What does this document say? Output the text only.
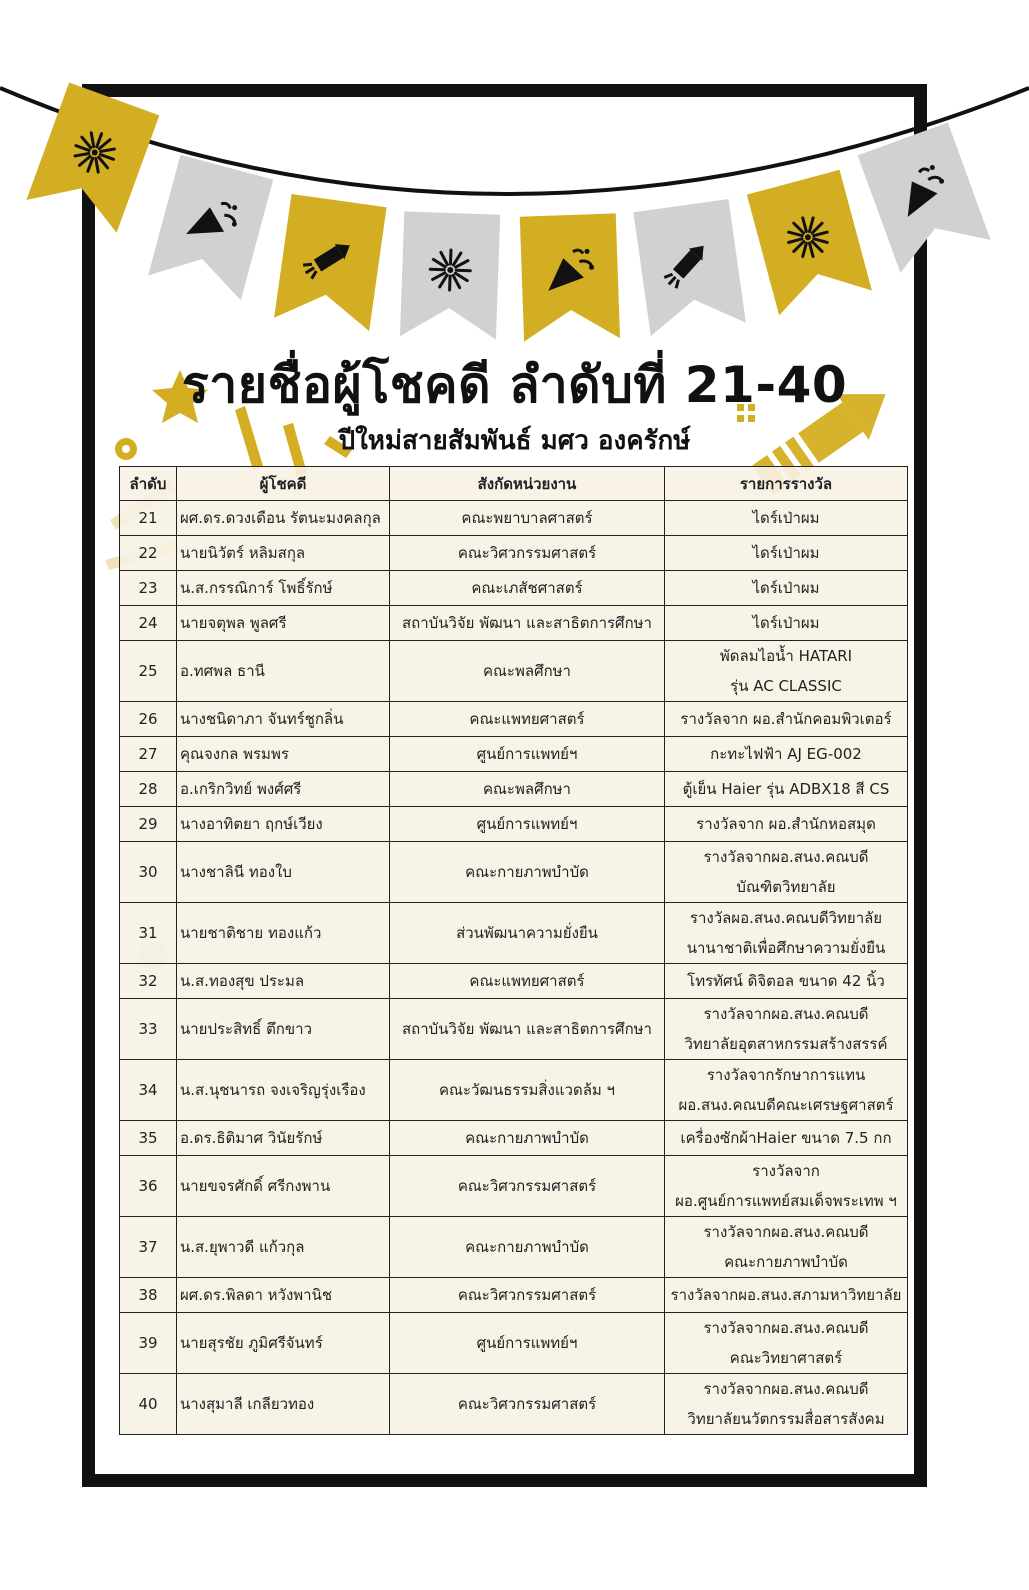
รายชื่อผู้โชคดี ลำดับที่ 21-40
ปีใหม่สายสัมพันธ์ มศว องครักษ์
ลำดับ	ผู้โชคดี	สังกัดหน่วยงาน	รายการรางวัล
21	ผศ.ดร.ดวงเดือน รัตนะมงคลกุล	คณะพยาบาลศาสตร์	ไดร์เป่าผม

22	นายนิวัตร์ หลิมสกุล	คณะวิศวกรรมศาสตร์	ไดร์เป่าผม

23	น.ส.กรรณิการ์ โพธิ์รักษ์	คณะเภสัชศาสตร์	ไดร์เป่าผม

24	นายจตุพล พูลศรี	สถาบันวิจัย พัฒนา และสาธิตการศึกษา	ไดร์เป่าผม

25	อ.ทศพล ธานี	คณะพลศึกษา	พัดลมไอน้ำ HATARI
รุ่น AC CLASSIC

26	นางชนิดาภา จันทร์ชูกลิ่น	คณะแพทยศาสตร์	รางวัลจาก ผอ.สำนักคอมพิวเตอร์

27	คุณจงกล พรมพร	ศูนย์การแพทย์ฯ	กะทะไฟฟ้า AJ EG-002

28	อ.เกริกวิทย์ พงศ์ศรี	คณะพลศึกษา	ตู้เย็น Haier รุ่น ADBX18 สี CS

29	นางอาทิตยา ฤกษ์เวียง	ศูนย์การแพทย์ฯ	รางวัลจาก ผอ.สำนักหอสมุด

30	นางชาลินี ทองใบ	คณะกายภาพบำบัด	รางวัลจากผอ.สนง.คณบดี
บัณฑิตวิทยาลัย

31	นายชาติชาย ทองแก้ว	ส่วนพัฒนาความยั่งยืน	รางวัลผอ.สนง.คณบดีวิทยาลัย
นานาชาติเพื่อศึกษาความยั่งยืน

32	น.ส.ทองสุข ประมล	คณะแพทยศาสตร์	โทรทัศน์ ดิจิตอล ขนาด 42 นิ้ว

33	นายประสิทธิ์ ตึกขาว	สถาบันวิจัย พัฒนา และสาธิตการศึกษา	รางวัลจากผอ.สนง.คณบดี
วิทยาลัยอุตสาหกรรมสร้างสรรค์

34	น.ส.นุชนารถ จงเจริญรุ่งเรือง	คณะวัฒนธรรมสิ่งแวดล้ม ฯ	รางวัลจากรักษาการแทน
ผอ.สนง.คณบดีคณะเศรษฐศาสตร์

35	อ.ดร.ธิติมาศ วินัยรักษ์	คณะกายภาพบำบัด	เครื่องซักผ้าHaier ขนาด 7.5 กก

36	นายขจรศักดิ์ ศรีกงพาน	คณะวิศวกรรมศาสตร์	รางวัลจาก
ผอ.ศูนย์การแพทย์สมเด็จพระเทพ ฯ

37	น.ส.ยุพาวดี แก้วกุล	คณะกายภาพบำบัด	รางวัลจากผอ.สนง.คณบดี
คณะกายภาพบำบัด

38	ผศ.ดร.พิลดา หวังพานิช	คณะวิศวกรรมศาสตร์	รางวัลจากผอ.สนง.สภามหาวิทยาลัย

39	นายสุรชัย ภูมิศรีจันทร์	ศูนย์การแพทย์ฯ	รางวัลจากผอ.สนง.คณบดี
คณะวิทยาศาสตร์

40	นางสุมาลี เกลียวทอง	คณะวิศวกรรมศาสตร์	รางวัลจากผอ.สนง.คณบดี
วิทยาลัยนวัตกรรมสื่อสารสังคม
